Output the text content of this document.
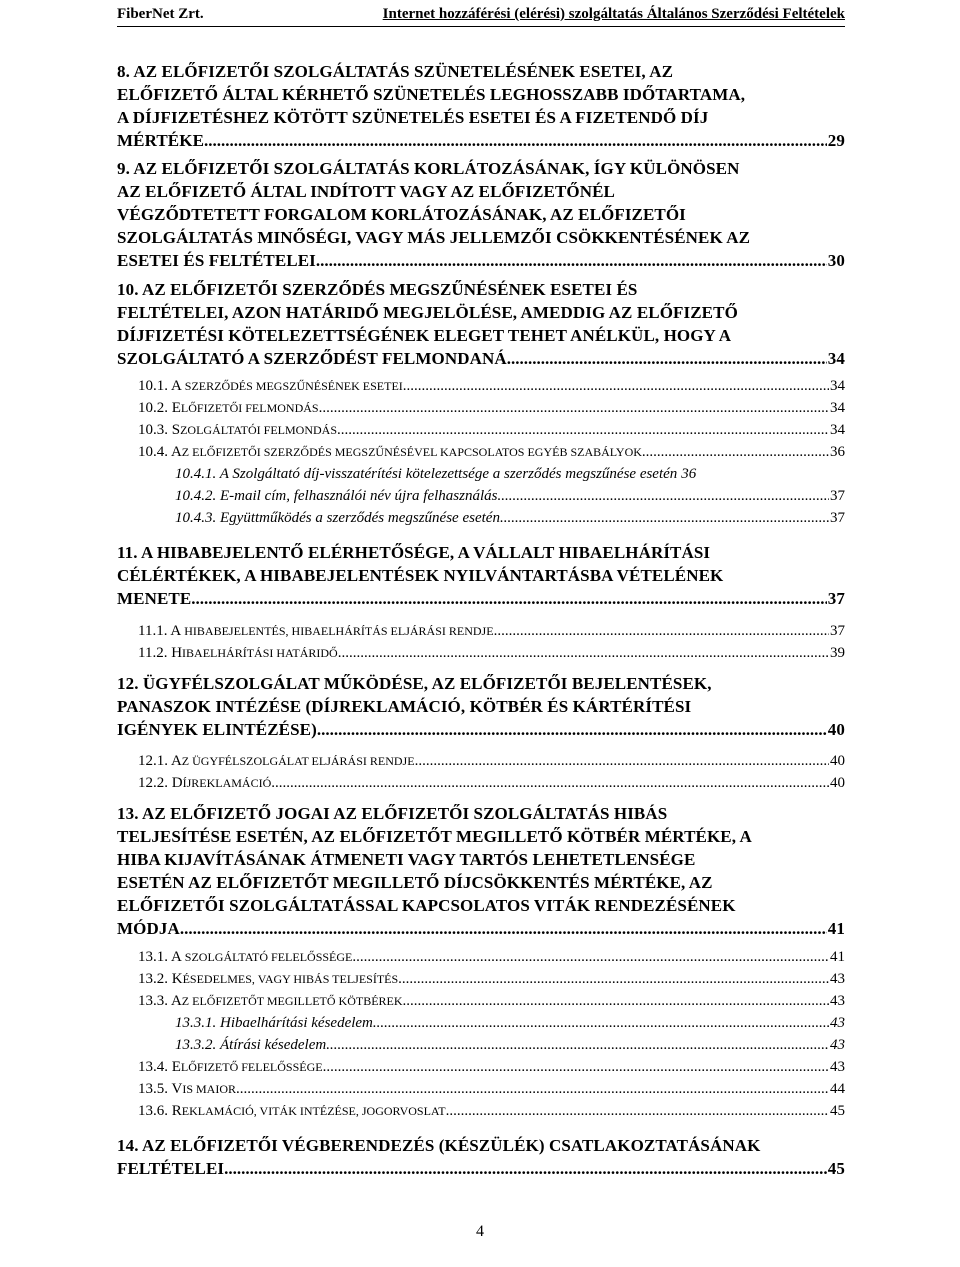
FiberNet Zrt.	Internet hozzáférési (elérési) szolgáltatás Általános Szerződési Feltételek
8. AZ ELŐFIZETŐI SZOLGÁLTATÁS SZÜNETELÉSÉNEK ESETEI, AZ
ELŐFIZETŐ ÁLTAL KÉRHETŐ SZÜNETELÉS LEGHOSSZABB IDŐTARTAMA,
A DÍJFIZETÉSHEZ KÖTÖTT SZÜNETELÉS ESETEI ÉS A FIZETENDŐ DÍJ
MÉRTÉKE .....	29
9. AZ ELŐFIZETŐI SZOLGÁLTATÁS KORLÁTOZÁSÁNAK, ÍGY KÜLÖNÖSEN
AZ ELŐFIZETŐ ÁLTAL INDÍTOTT VAGY AZ ELŐFIZETŐNÉL
VÉGZŐDTETETT FORGALOM KORLÁTOZÁSÁNAK, AZ ELŐFIZETŐI
SZOLGÁLTATÁS MINŐSÉGI, VAGY MÁS JELLEMZŐI CSÖKKENTÉSÉNEK AZ
ESETEI ÉS FELTÉTELEI .....	30
10. AZ ELŐFIZETŐI SZERZŐDÉS MEGSZŰNÉSÉNEK ESETEI ÉS
FELTÉTELEI, AZON HATÁRIDŐ MEGJELÖLÉSE, AMEDDIG AZ ELŐFIZETŐ
DÍJFIZETÉSI KÖTELEZETTSÉGÉNEK ELEGET TEHET ANÉLKÜL, HOGY A
SZOLGÁLTATÓ A SZERZŐDÉST FELMONDANÁ .....	34
10.1. A SZERZŐDÉS MEGSZŰNÉSÉNEK ESETEI .....	34
10.2. ELŐFIZETŐI FELMONDÁS .....	34
10.3. SZOLGÁLTATÓI FELMONDÁS .....	34
10.4. AZ ELŐFIZETŐI SZERZŐDÉS MEGSZŰNÉSÉVEL KAPCSOLATOS EGYÉB SZABÁLYOK .....	36
10.4.1. A Szolgáltató díj-visszatérítési kötelezettsége a szerződés megszűnése esetén 36
10.4.2. E-mail cím, felhasználói név újra felhasználás .....	37
10.4.3. Együttműködés a szerződés megszűnése esetén .....	37
11. A HIBABEJELENTŐ ELÉRHETŐSÉGE, A VÁLLALT HIBAELHÁRÍTÁSI
CÉLÉRTÉKEK, A HIBABEJELENTÉSEK NYILVÁNTARTÁSBA VÉTELÉNEK
MENETE .....	37
11.1. A HIBABEJELENTÉS, HIBAELHÁRÍTÁS ELJÁRÁSI RENDJE .....	37
11.2. HIBAELHÁRÍTÁSI HATÁRIDŐ .....	39
12. ÜGYFÉLSZOLGÁLAT MŰKÖDÉSE, AZ ELŐFIZETŐI BEJELENTÉSEK,
PANASZOK INTÉZÉSE (DÍJREKLAMÁCIÓ, KÖTBÉR ÉS KÁRTÉRÍTÉSI
IGÉNYEK ELINTÉZÉSE) .....	40
12.1. AZ ÜGYFÉLSZOLGÁLAT ELJÁRÁSI RENDJE .....	40
12.2. DÍJREKLAMÁCIÓ .....	40
13. AZ ELŐFIZETŐ JOGAI AZ ELŐFIZETŐI SZOLGÁLTATÁS HIBÁS
TELJESÍTÉSE ESETÉN, AZ ELŐFIZETŐT MEGILLETŐ KÖTBÉR MÉRTÉKE, A
HIBA KIJAVÍTÁSÁNAK ÁTMENETI VAGY TARTÓS LEHETETLENSÉGE
ESETÉN AZ ELŐFIZETŐT MEGILLETŐ DÍJCSÖKKENTÉS MÉRTÉKE, AZ
ELŐFIZETŐI SZOLGÁLTATÁSSAL KAPCSOLATOS VITÁK RENDEZÉSÉNEK
MÓDJA .....	41
13.1. A SZOLGÁLTATÓ FELELŐSSÉGE .....	41
13.2. KÉSEDELMES, VAGY HIBÁS TELJESÍTÉS .....	43
13.3. AZ ELŐFIZETŐT MEGILLETŐ KÖTBÉREK .....	43
13.3.1. Hibaelhárítási késedelem .....	43
13.3.2. Átírási késedelem .....	43
13.4. ELŐFIZETŐ FELELŐSSÉGE .....	43
13.5. VIS MAIOR .....	44
13.6. REKLAMÁCIÓ, VITÁK INTÉZÉSE, JOGORVOSLAT .....	45
14. AZ ELŐFIZETŐI VÉGBERENDEZÉS (KÉSZÜLÉK) CSATLAKOZTATÁSÁNAK
FELTÉTELEI .....	45
4
